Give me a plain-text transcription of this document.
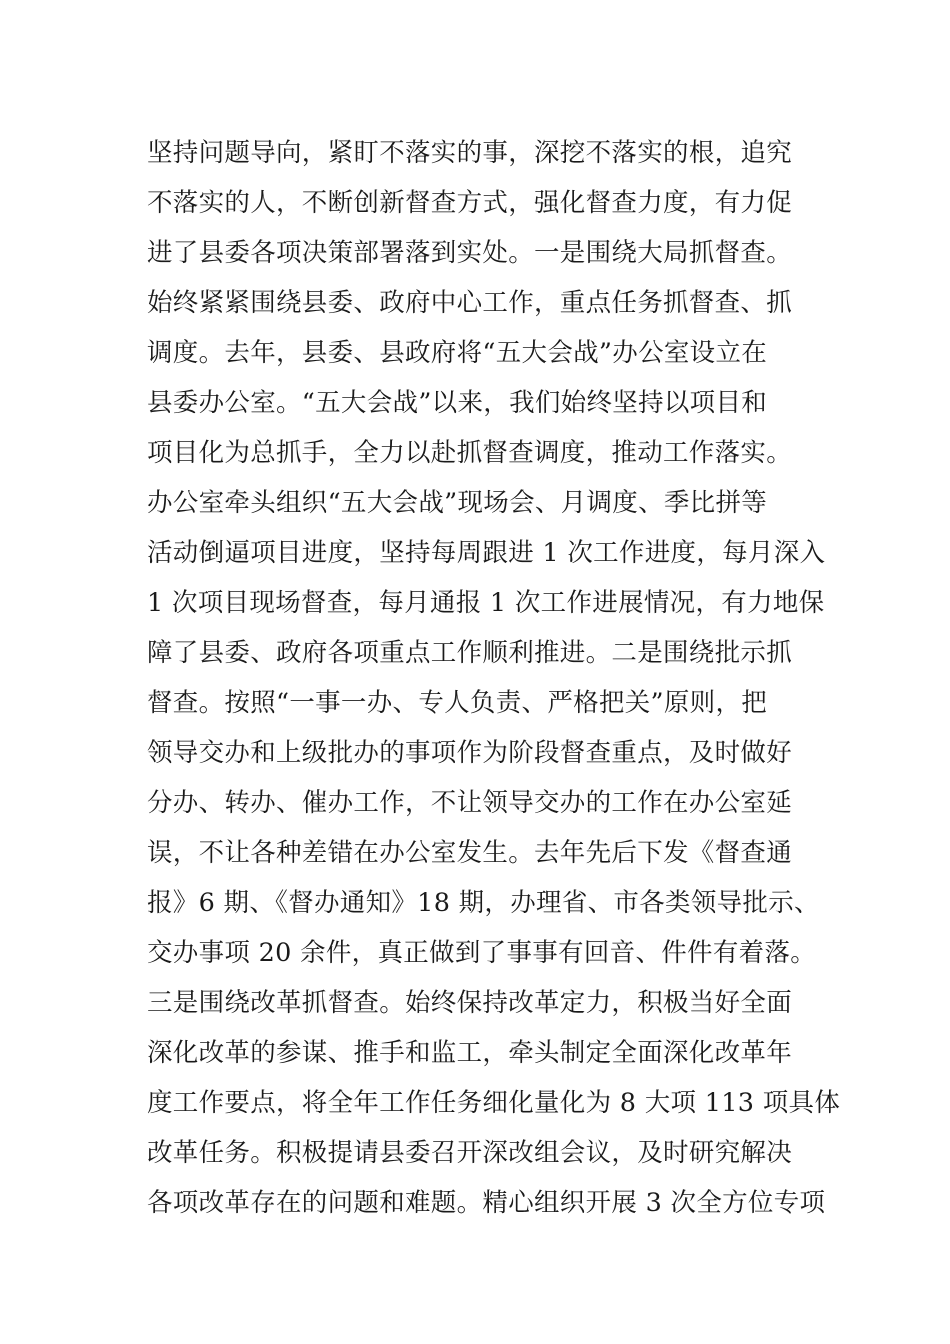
坚持问题导向，紧盯不落实的事，深挖不落实的根，追究
不落实的人，不断创新督查方式，强化督查力度，有力促
进了县委各项决策部署落到实处。一是围绕大局抓督查。
始终紧紧围绕县委、政府中心工作，重点任务抓督查、抓
调度。去年，县委、县政府将“五大会战”办公室设立在
县委办公室。“五大会战”以来，我们始终坚持以项目和
项目化为总抓手，全力以赴抓督查调度，推动工作落实。
办公室牵头组织“五大会战”现场会、月调度、季比拼等
活动倒逼项目进度，坚持每周跟进 1 次工作进度，每月深入
1 次项目现场督查，每月通报 1 次工作进展情况，有力地保
障了县委、政府各项重点工作顺利推进。二是围绕批示抓
督查。按照“一事一办、专人负责、严格把关”原则，把
领导交办和上级批办的事项作为阶段督查重点，及时做好
分办、转办、催办工作，不让领导交办的工作在办公室延
误，不让各种差错在办公室发生。去年先后下发《督查通
报》6 期、《督办通知》18 期，办理省、市各类领导批示、
交办事项 20 余件，真正做到了事事有回音、件件有着落。
三是围绕改革抓督查。始终保持改革定力，积极当好全面
深化改革的参谋、推手和监工，牵头制定全面深化改革年
度工作要点，将全年工作任务细化量化为 8 大项 113 项具体
改革任务。积极提请县委召开深改组会议，及时研究解决
各项改革存在的问题和难题。精心组织开展 3 次全方位专项
